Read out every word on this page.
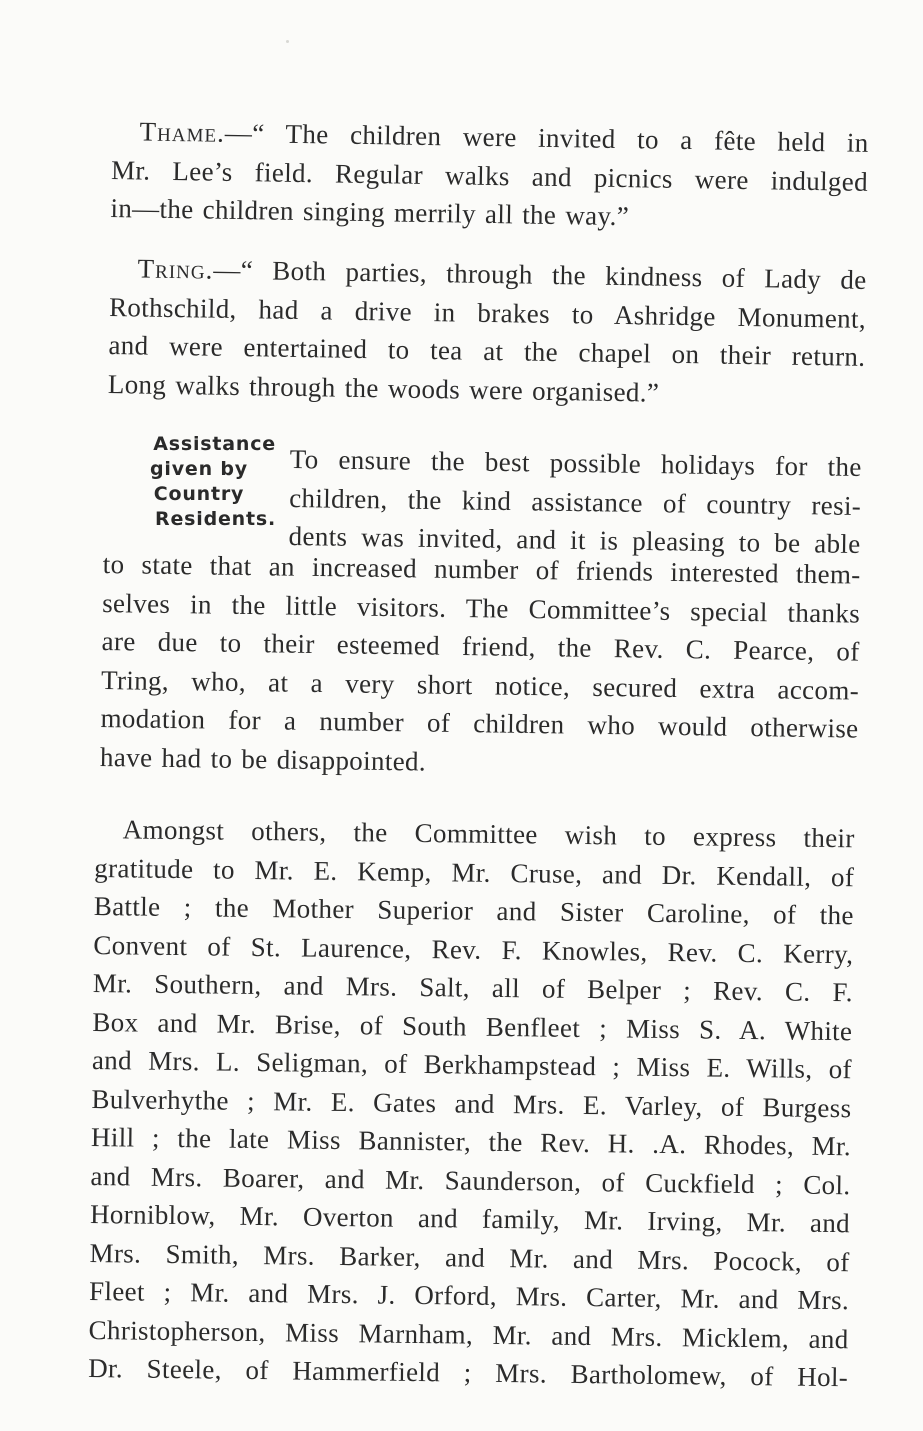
Thame.—“ The children were invited to a fête held in
Mr. Lee’s field. Regular walks and picnics were indulged
in—the children singing merrily all the way.”
Tring.—“ Both parties, through the kindness of Lady de
Rothschild, had a drive in brakes to Ashridge Monument,
and were entertained to tea at the chapel on their return.
Long walks through the woods were organised.”
Assistance
given by
Country
Residents.
To ensure the best possible holidays for the
children, the kind assistance of country resi-
dents was invited, and it is pleasing to be able
to state that an increased number of friends interested them-
selves in the little visitors. The Committee’s special thanks
are due to their esteemed friend, the Rev. C. Pearce, of
Tring, who, at a very short notice, secured extra accom-
modation for a number of children who would otherwise
have had to be disappointed.
Amongst others, the Committee wish to express their
gratitude to Mr. E. Kemp, Mr. Cruse, and Dr. Kendall, of
Battle ; the Mother Superior and Sister Caroline, of the
Convent of St. Laurence, Rev. F. Knowles, Rev. C. Kerry,
Mr. Southern, and Mrs. Salt, all of Belper ; Rev. C. F.
Box and Mr. Brise, of South Benfleet ; Miss S. A. White
and Mrs. L. Seligman, of Berkhampstead ; Miss E. Wills, of
Bulverhythe ; Mr. E. Gates and Mrs. E. Varley, of Burgess
Hill ; the late Miss Bannister, the Rev. H. .A. Rhodes, Mr.
and Mrs. Boarer, and Mr. Saunderson, of Cuckfield ; Col.
Horniblow, Mr. Overton and family, Mr. Irving, Mr. and
Mrs. Smith, Mrs. Barker, and Mr. and Mrs. Pocock, of
Fleet ; Mr. and Mrs. J. Orford, Mrs. Carter, Mr. and Mrs.
Christopherson, Miss Marnham, Mr. and Mrs. Micklem, and
Dr. Steele, of Hammerfield ; Mrs. Bartholomew, of Hol-
